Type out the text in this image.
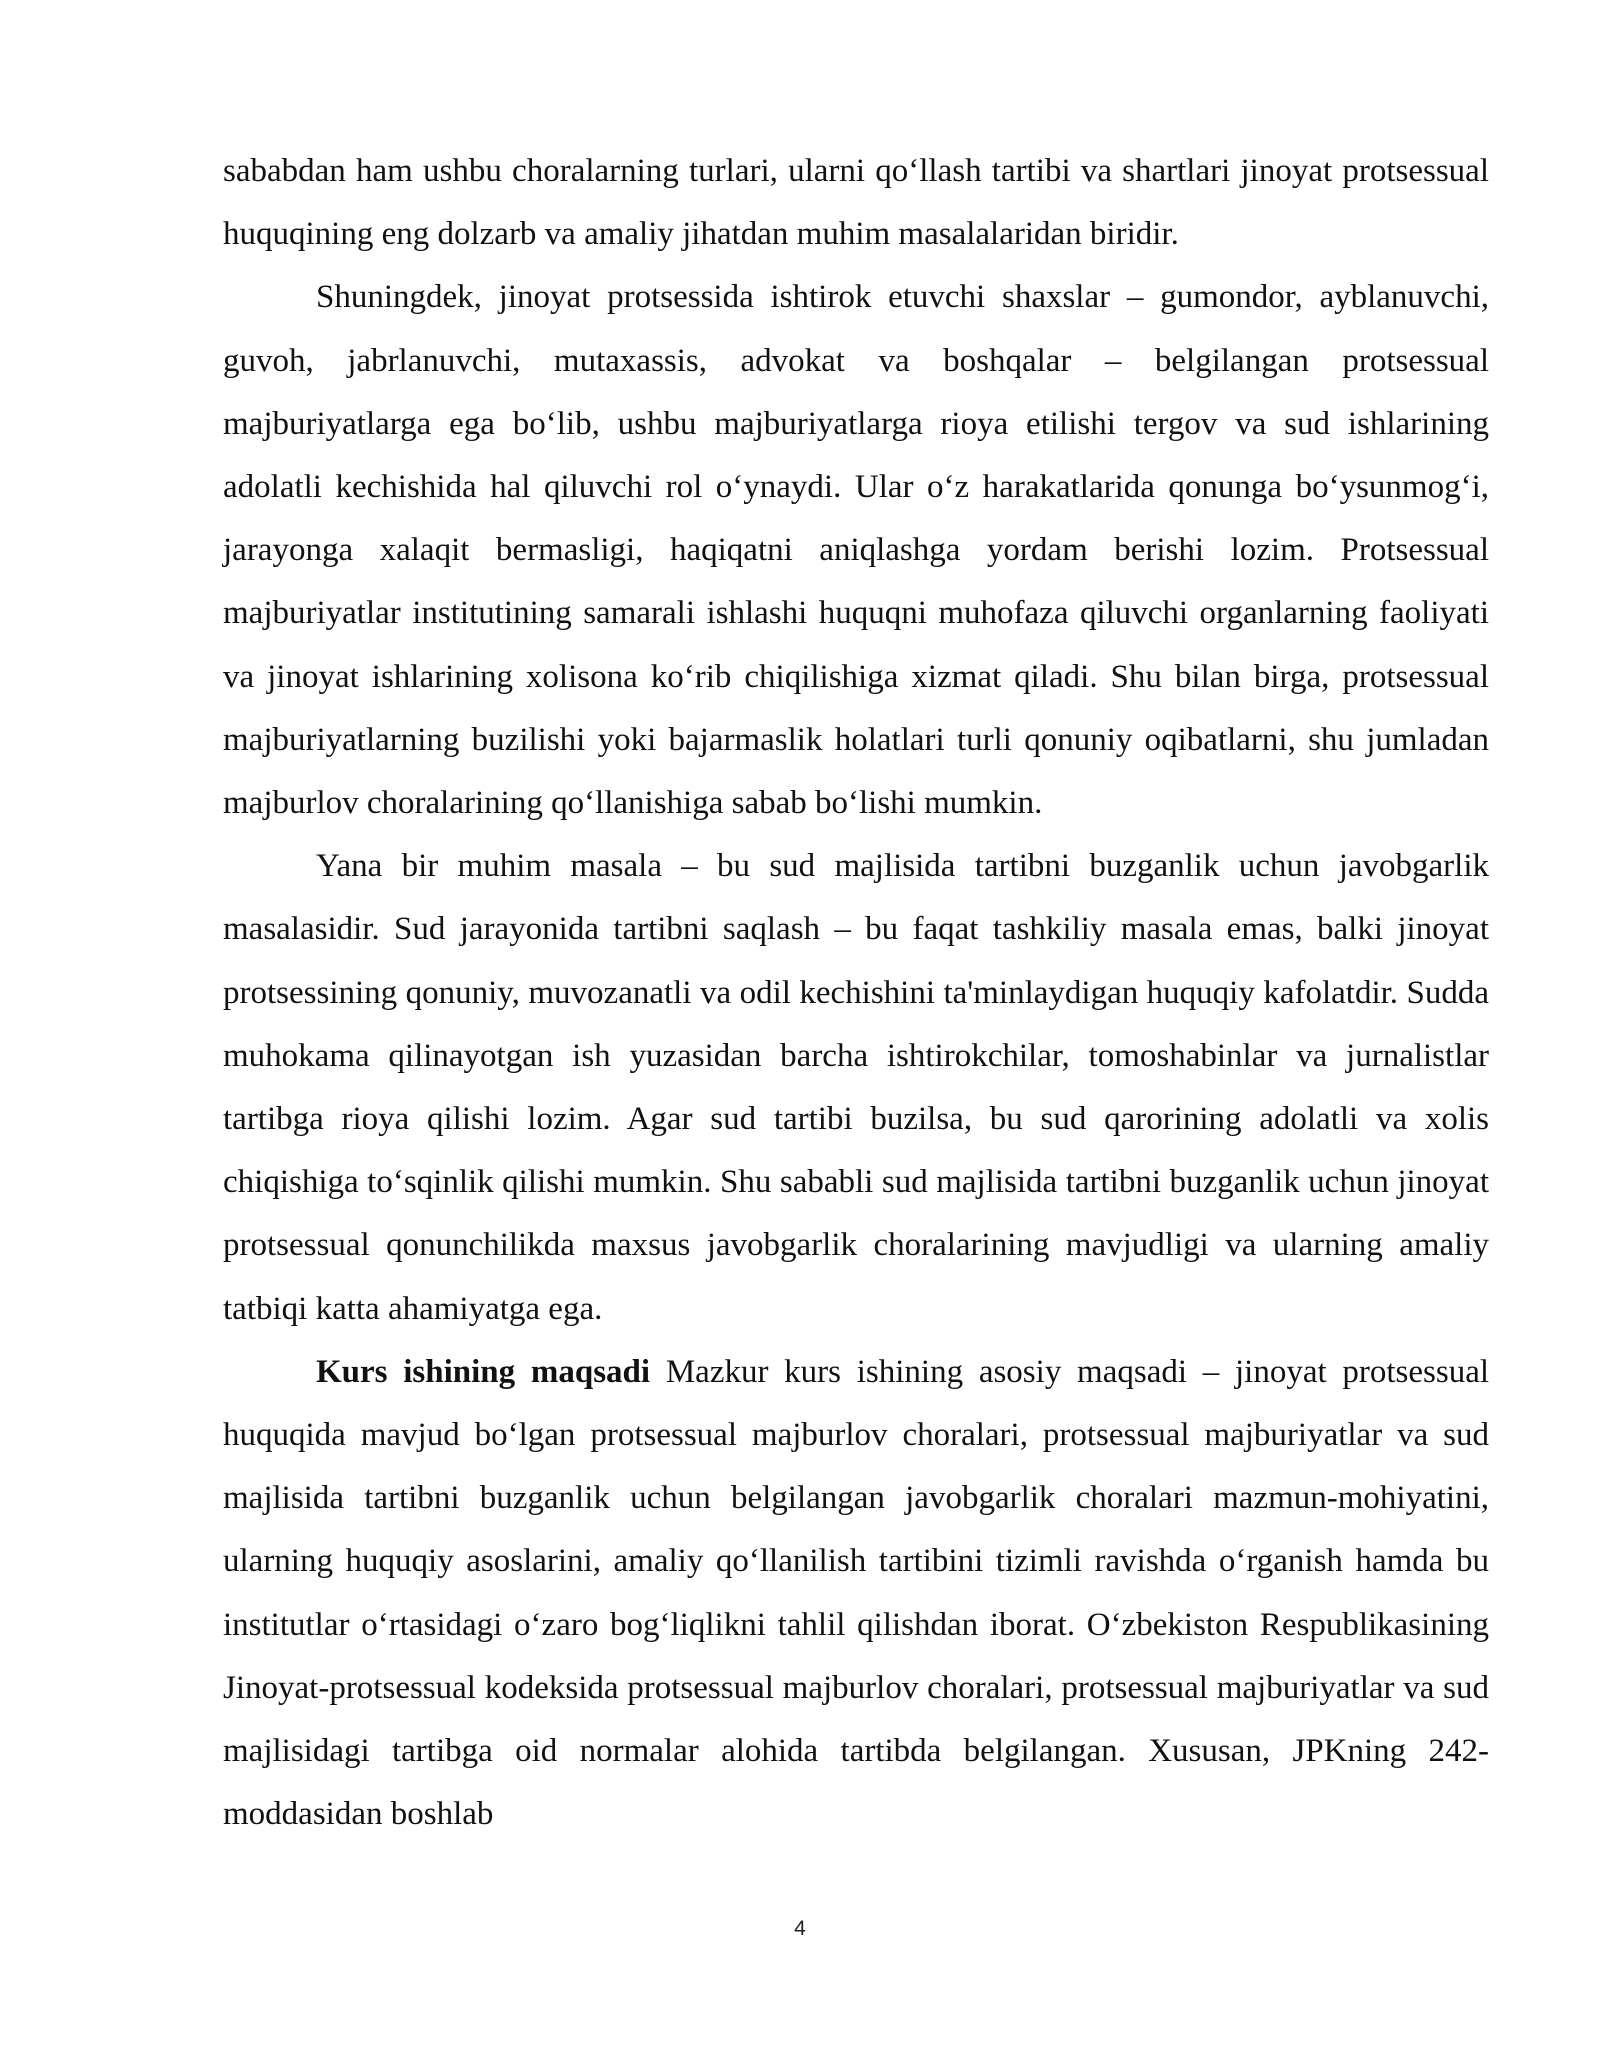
sababdan ham ushbu choralarning turlari, ularni qo‘llash tartibi va shartlari jinoyat protsessual huquqining eng dolzarb va amaliy jihatdan muhim masalalaridan biridir.

Shuningdek, jinoyat protsessida ishtirok etuvchi shaxslar – gumondor, ayblanuvchi, guvoh, jabrlanuvchi, mutaxassis, advokat va boshqalar – belgilangan protsessual majburiyatlarga ega bo‘lib, ushbu majburiyatlarga rioya etilishi tergov va sud ishlarining adolatli kechishida hal qiluvchi rol o‘ynaydi. Ular o‘z harakatlarida qonunga bo‘ysunmog‘i, jarayonga xalaqit bermasligi, haqiqatni aniqlashga yordam berishi lozim. Protsessual majburiyatlar institutining samarali ishlashi huquqni muhofaza qiluvchi organlarning faoliyati va jinoyat ishlarining xolisona ko‘rib chiqilishiga xizmat qiladi. Shu bilan birga, protsessual majburiyatlarning buzilishi yoki bajarmaslik holatlari turli qonuniy oqibatlarni, shu jumladan majburlov choralarining qo‘llanishiga sabab bo‘lishi mumkin.

Yana bir muhim masala – bu sud majlisida tartibni buzganlik uchun javobgarlik masalasidir. Sud jarayonida tartibni saqlash – bu faqat tashkiliy masala emas, balki jinoyat protsessining qonuniy, muvozanatli va odil kechishini ta'minlaydigan huquqiy kafolatdir. Sudda muhokama qilinayotgan ish yuzasidan barcha ishtirokchilar, tomoshabinlar va jurnalistlar tartibga rioya qilishi lozim. Agar sud tartibi buzilsa, bu sud qarorining adolatli va xolis chiqishiga to‘sqinlik qilishi mumkin. Shu sababli sud majlisida tartibni buzganlik uchun jinoyat protsessual qonunchilikda maxsus javobgarlik choralarining mavjudligi va ularning amaliy tatbiqi katta ahamiyatga ega.

Kurs ishining maqsadi Mazkur kurs ishining asosiy maqsadi – jinoyat protsessual huquqida mavjud bo‘lgan protsessual majburlov choralari, protsessual majburiyatlar va sud majlisida tartibni buzganlik uchun belgilangan javobgarlik choralari mazmun-mohiyatini, ularning huquqiy asoslarini, amaliy qo‘llanilish tartibini tizimli ravishda o‘rganish hamda bu institutlar o‘rtasidagi o‘zaro bog‘liqlikni tahlil qilishdan iborat. O‘zbekiston Respublikasining Jinoyat-protsessual kodeksida protsessual majburlov choralari, protsessual majburiyatlar va sud majlisidagi tartibga oid normalar alohida tartibda belgilangan. Xususan, JPKning 242-moddasidan boshlab

4
